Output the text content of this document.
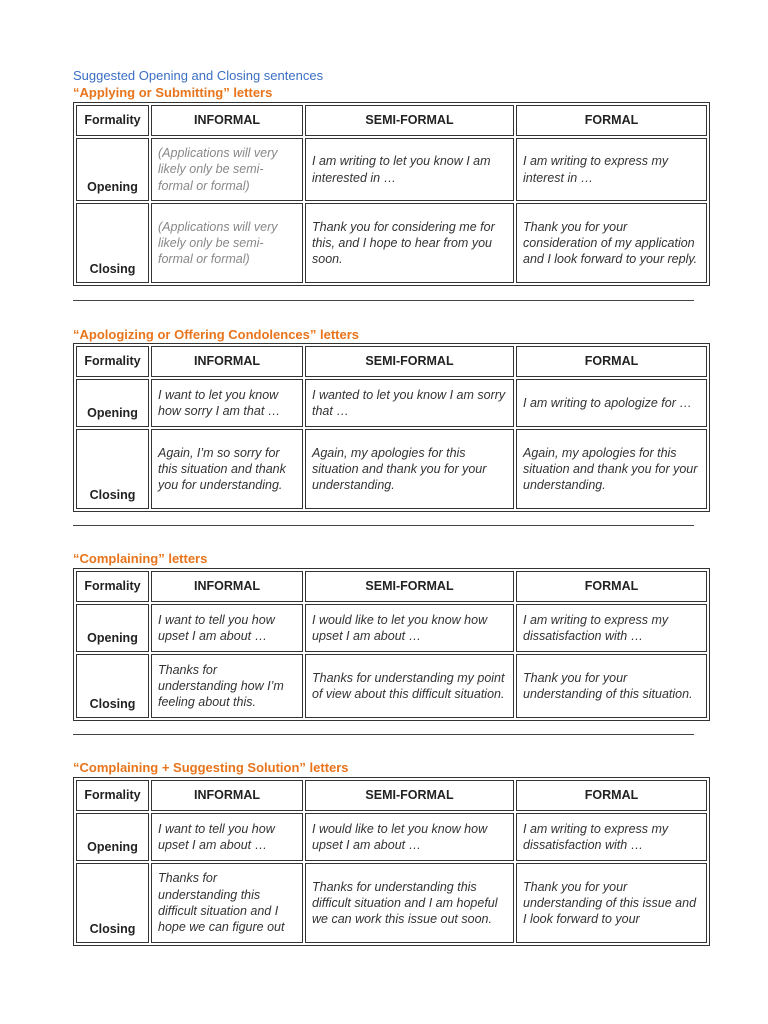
Suggested Opening and Closing sentences
“Applying or Submitting” letters
Formality	INFORMAL	SEMI-FORMAL	FORMAL
Opening	(Applications will very likely only be semi-formal or formal)	I am writing to let you know I am interested in …	I am writing to express my interest in …
Closing	(Applications will very likely only be semi-formal or formal)	Thank you for considering me for this, and I hope to hear from you soon.	Thank you for your consideration of my application and I look forward to your reply.
“Apologizing or Offering Condolences” letters
Formality	INFORMAL	SEMI-FORMAL	FORMAL
Opening	I want to let you know how sorry I am that …	I wanted to let you know I am sorry that …	I am writing to apologize for …
Closing	Again, I’m so sorry for this situation and thank you for understanding.	Again, my apologies for this situation and thank you for your understanding.	Again, my apologies for this situation and thank you for your understanding.
“Complaining” letters
Formality	INFORMAL	SEMI-FORMAL	FORMAL
Opening	I want to tell you how upset I am about …	I would like to let you know how upset I am about …	I am writing to express my dissatisfaction with …
Closing	Thanks for understanding how I’m feeling about this.	Thanks for understanding my point of view about this difficult situation.	Thank you for your understanding of this situation.
“Complaining + Suggesting Solution” letters
Formality	INFORMAL	SEMI-FORMAL	FORMAL
Opening	I want to tell you how upset I am about …	I would like to let you know how upset I am about …	I am writing to express my dissatisfaction with …
Closing	Thanks for understanding this difficult situation and I hope we can figure out	Thanks for understanding this difficult situation and I am hopeful we can work this issue out soon.	Thank you for your understanding of this issue and I look forward to your
